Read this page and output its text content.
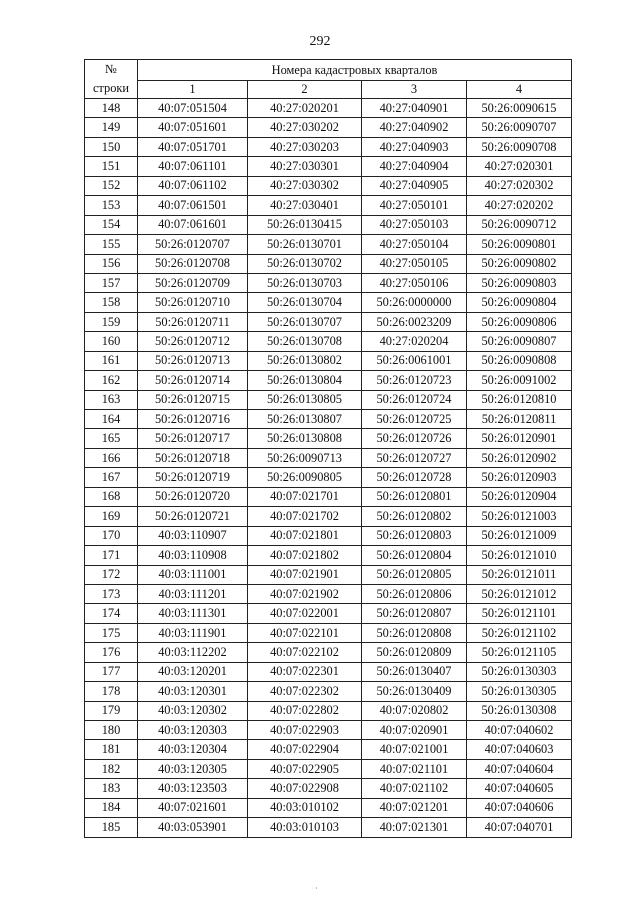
292
№
строки	Номера кадастровых кварталов			
	1	2	3	4
148	40:07:051504	40:27:020201	40:27:040901	50:26:0090615
149	40:07:051601	40:27:030202	40:27:040902	50:26:0090707
150	40:07:051701	40:27:030203	40:27:040903	50:26:0090708
151	40:07:061101	40:27:030301	40:27:040904	40:27:020301
152	40:07:061102	40:27:030302	40:27:040905	40:27:020302
153	40:07:061501	40:27:030401	40:27:050101	40:27:020202
154	40:07:061601	50:26:0130415	40:27:050103	50:26:0090712
155	50:26:0120707	50:26:0130701	40:27:050104	50:26:0090801
156	50:26:0120708	50:26:0130702	40:27:050105	50:26:0090802
157	50:26:0120709	50:26:0130703	40:27:050106	50:26:0090803
158	50:26:0120710	50:26:0130704	50:26:0000000	50:26:0090804
159	50:26:0120711	50:26:0130707	50:26:0023209	50:26:0090806
160	50:26:0120712	50:26:0130708	40:27:020204	50:26:0090807
161	50:26:0120713	50:26:0130802	50:26:0061001	50:26:0090808
162	50:26:0120714	50:26:0130804	50:26:0120723	50:26:0091002
163	50:26:0120715	50:26:0130805	50:26:0120724	50:26:0120810
164	50:26:0120716	50:26:0130807	50:26:0120725	50:26:0120811
165	50:26:0120717	50:26:0130808	50:26:0120726	50:26:0120901
166	50:26:0120718	50:26:0090713	50:26:0120727	50:26:0120902
167	50:26:0120719	50:26:0090805	50:26:0120728	50:26:0120903
168	50:26:0120720	40:07:021701	50:26:0120801	50:26:0120904
169	50:26:0120721	40:07:021702	50:26:0120802	50:26:0121003
170	40:03:110907	40:07:021801	50:26:0120803	50:26:0121009
171	40:03:110908	40:07:021802	50:26:0120804	50:26:0121010
172	40:03:111001	40:07:021901	50:26:0120805	50:26:0121011
173	40:03:111201	40:07:021902	50:26:0120806	50:26:0121012
174	40:03:111301	40:07:022001	50:26:0120807	50:26:0121101
175	40:03:111901	40:07:022101	50:26:0120808	50:26:0121102
176	40:03:112202	40:07:022102	50:26:0120809	50:26:0121105
177	40:03:120201	40:07:022301	50:26:0130407	50:26:0130303
178	40:03:120301	40:07:022302	50:26:0130409	50:26:0130305
179	40:03:120302	40:07:022802	40:07:020802	50:26:0130308
180	40:03:120303	40:07:022903	40:07:020901	40:07:040602
181	40:03:120304	40:07:022904	40:07:021001	40:07:040603
182	40:03:120305	40:07:022905	40:07:021101	40:07:040604
183	40:03:123503	40:07:022908	40:07:021102	40:07:040605
184	40:07:021601	40:03:010102	40:07:021201	40:07:040606
185	40:03:053901	40:03:010103	40:07:021301	40:07:040701
·
